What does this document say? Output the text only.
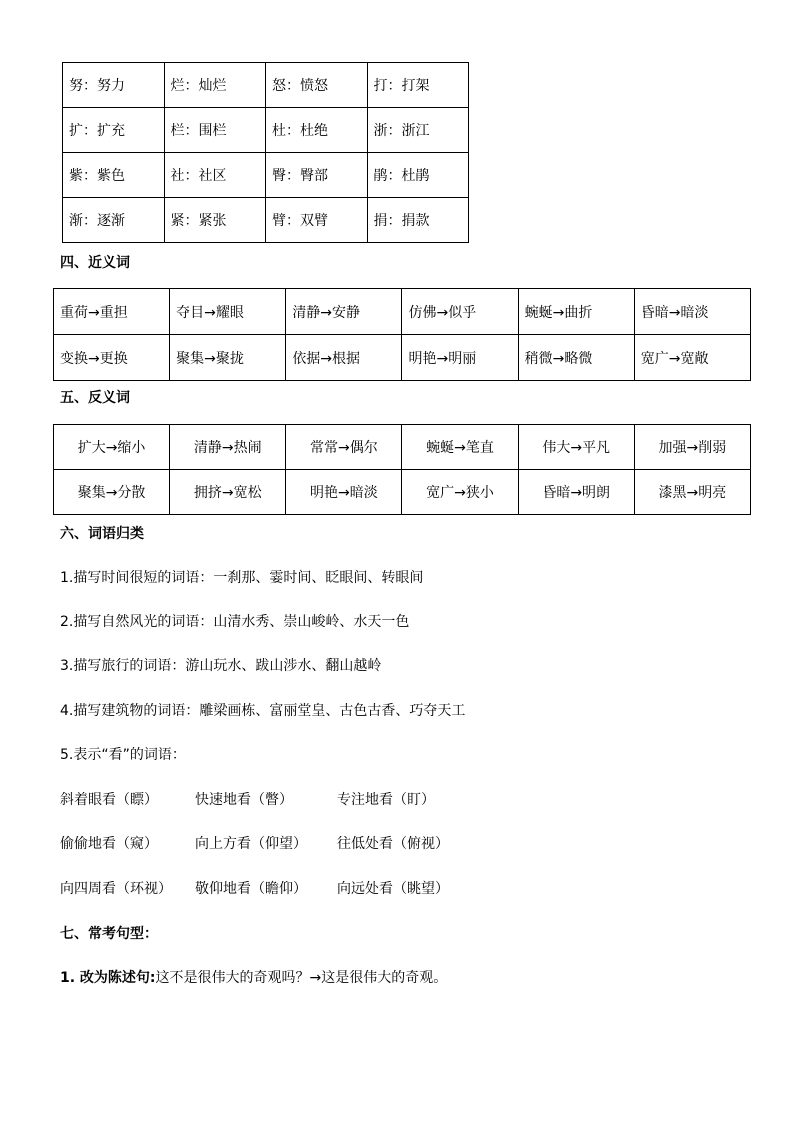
努：努力	烂：灿烂	怒：愤怒	打：打架
扩：扩充	栏：围栏	杜：杜绝	浙：浙江
紫：紫色	社：社区	臀：臀部	鹃：杜鹃
渐：逐渐	紧：紧张	臂：双臂	捐：捐款
四、近义词
重荷→重担	夺目→耀眼	清静→安静	仿佛→似乎	蜿蜒→曲折	昏暗→暗淡
变换→更换	聚集→聚拢	依据→根据	明艳→明丽	稍微→略微	宽广→宽敞
五、反义词
扩大→缩小	清静→热闹	常常→偶尔	蜿蜒→笔直	伟大→平凡	加强→削弱
聚集→分散	拥挤→宽松	明艳→暗淡	宽广→狭小	昏暗→明朗	漆黑→明亮
六、词语归类

1.描写时间很短的词语：一刹那、霎时间、眨眼间、转眼间

2.描写自然风光的词语：山清水秀、崇山峻岭、水天一色

3.描写旅行的词语：游山玩水、跋山涉水、翻山越岭

4.描写建筑物的词语：雕梁画栋、富丽堂皇、古色古香、巧夺天工

5.表示“看”的词语：

斜着眼看（瞟）	快速地看（瞥）	专注地看（盯）
偷偷地看（窥）	向上方看（仰望） 往低处看（俯视）
向四周看（环视） 敬仰地看（瞻仰） 向远处看（眺望）
七、常考句型：

1. 改为陈述句:这不是很伟大的奇观吗？→这是很伟大的奇观。
